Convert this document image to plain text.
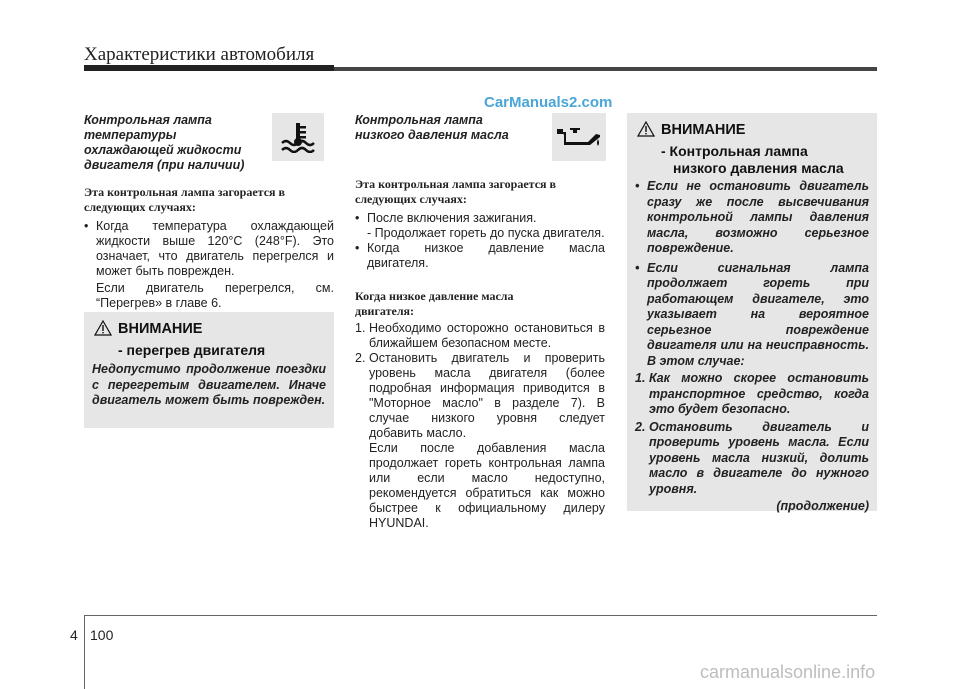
Характеристики автомобиля
CarManuals2.com
Контрольная лампа
температуры
охлаждающей жидкости
двигателя (при наличии)
Эта контрольная лампа загорается в
следующих случаях:
• Когда температура охлаждающей жидкости выше 120°C (248°F). Это означает, что двигатель перегрелся и может быть поврежден.
Если двигатель перегрелся, см. “Перегрев» в главе 6.
ВНИМАНИЕ
- перегрев двигателя
Недопустимо продолжение поездки с перегретым двигателем. Иначе двигатель может быть поврежден.
Контрольная лампа
низкого давления масла
Эта контрольная лампа загорается в
следующих случаях:
• После включения зажигания.
- Продолжает гореть до пуска двигателя.
• Когда низкое давление масла двигателя.
Когда низкое давление масла
двигателя:
1. Необходимо осторожно остановиться в ближайшем безопасном месте.
2. Остановить двигатель и проверить уровень масла двигателя (более подробная информация приводится в "Моторное масло" в разделе 7). В случае низкого уровня следует добавить масло.
Если после добавления масла продолжает гореть контрольная лампа или если масло недоступно, рекомендуется обратиться как можно быстрее к официальному дилеру HYUNDAI.
ВНИМАНИЕ
- Контрольная лампа
низкого давления масла
• Если не остановить двигатель сразу же после высвечивания контрольной лампы давления масла, возможно серьезное повреждение.
• Если сигнальная лампа продолжает гореть при работающем двигателе, это указывает на вероятное серьезное повреждение двигателя или на неисправность. В этом случае:
1. Как можно скорее остановить транспортное средство, когда это будет безопасно.
2. Остановить двигатель и проверить уровень масла. Если уровень масла низкий, долить масло в двигателе до нужного уровня.
(продолжение)
4 100
carmanualsonline.info
